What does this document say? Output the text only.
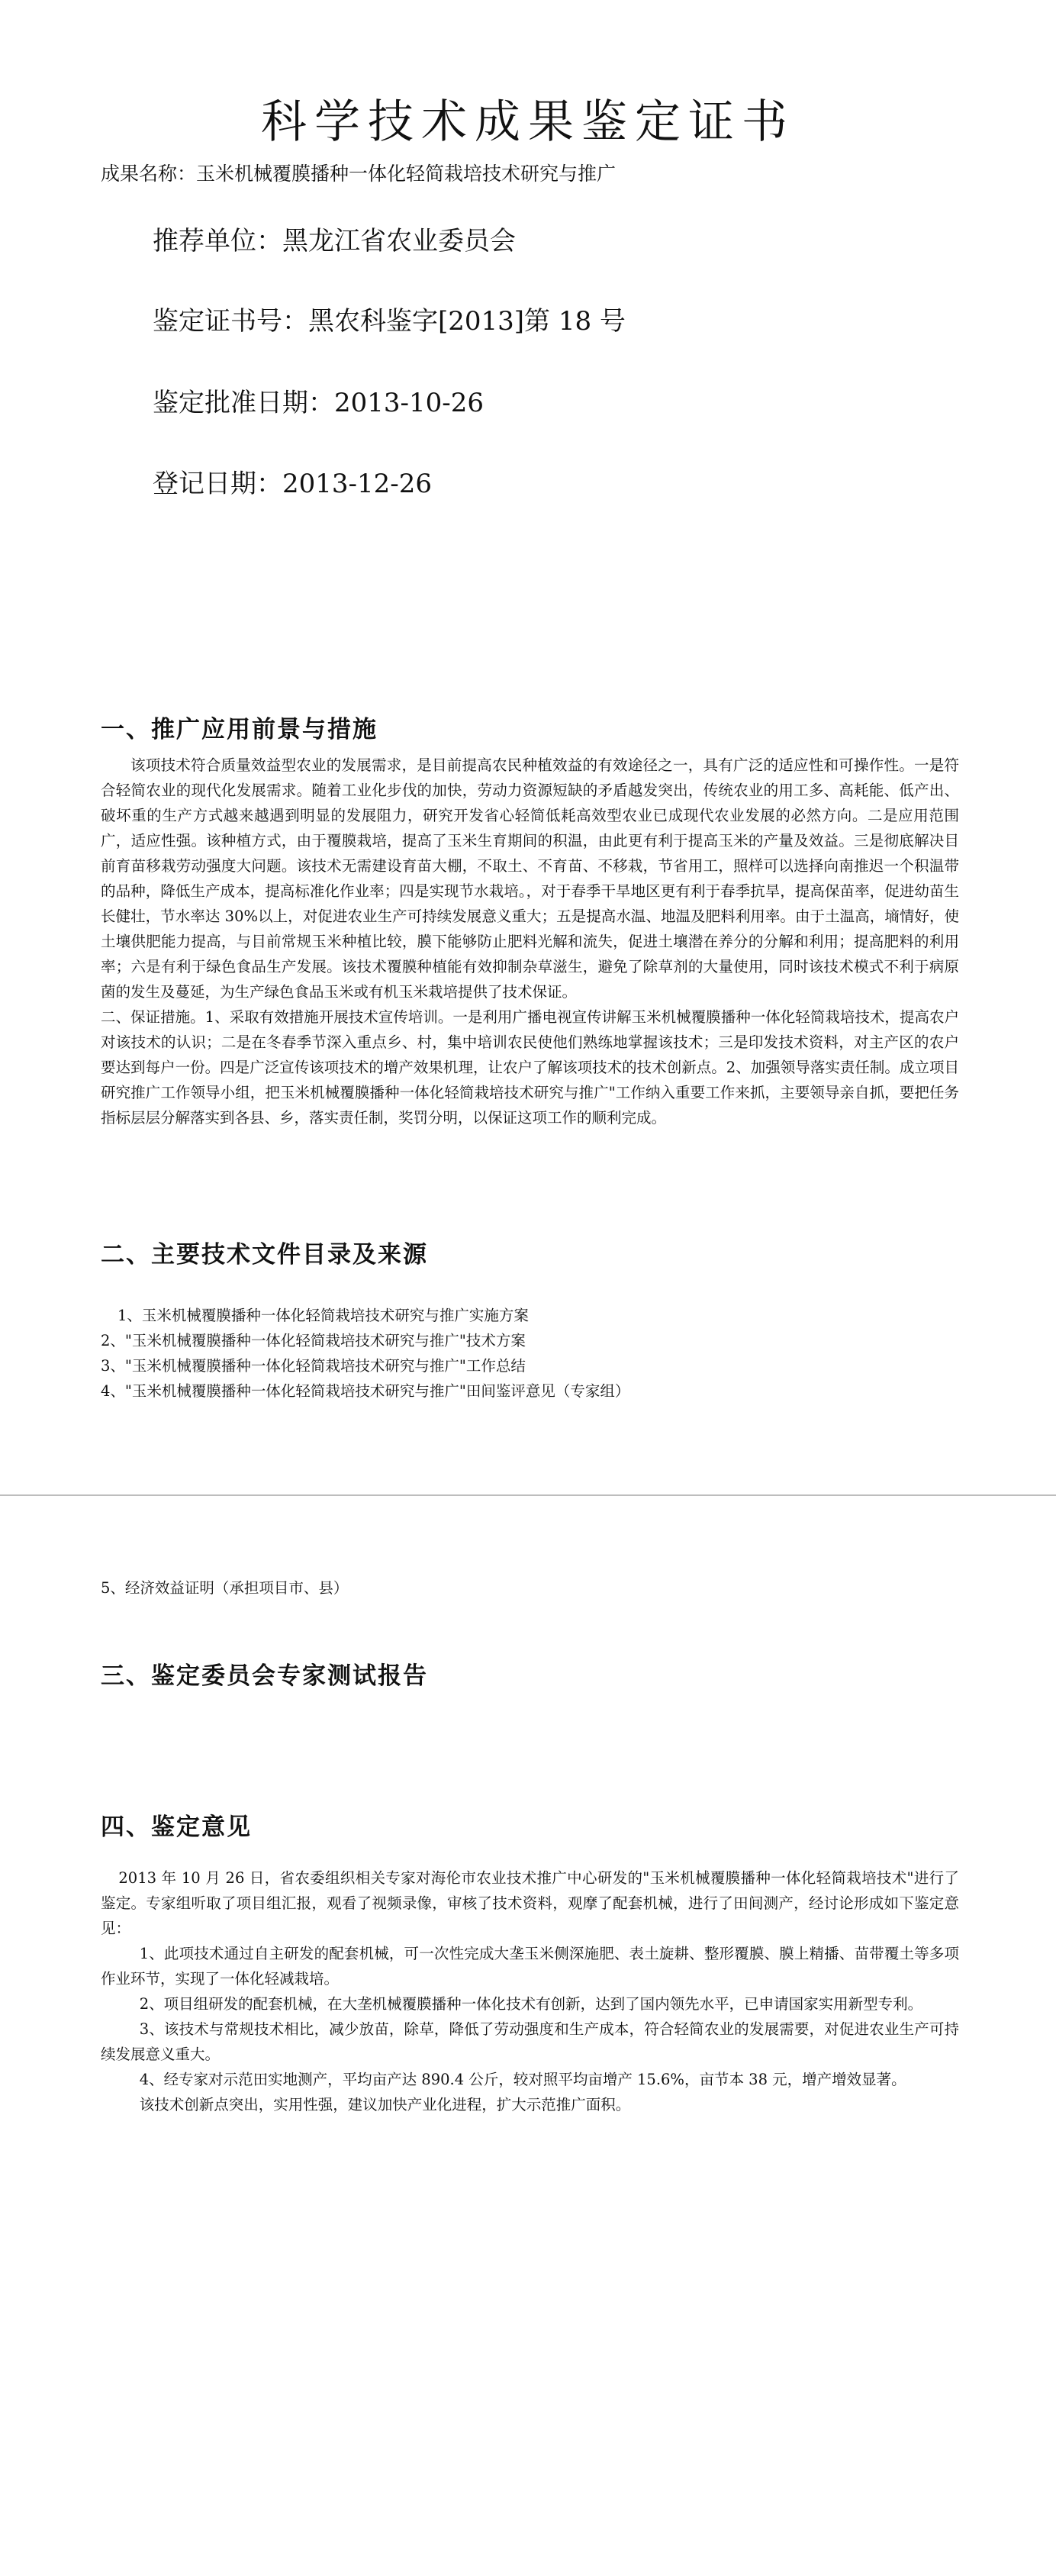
科学技术成果鉴定证书
成果名称：玉米机械覆膜播种一体化轻简栽培技术研究与推广
推荐单位：黑龙江省农业委员会
鉴定证书号：黑农科鉴字[2013]第 18 号
鉴定批准日期：2013-10-26
登记日期：2013-12-26
一、推广应用前景与措施

该项技术符合质量效益型农业的发展需求，是目前提高农民种植效益的有效途径之一，具有广泛的适应性和可操作性。一是符合轻简农业的现代化发展需求。随着工业化步伐的加快，劳动力资源短缺的矛盾越发突出，传统农业的用工多、高耗能、低产出、破坏重的生产方式越来越遇到明显的发展阻力，研究开发省心轻简低耗高效型农业已成现代农业发展的必然方向。二是应用范围广，适应性强。该种植方式，由于覆膜栽培，提高了玉米生育期间的积温，由此更有利于提高玉米的产量及效益。三是彻底解决目前育苗移栽劳动强度大问题。该技术无需建设育苗大棚，不取土、不育苗、不移栽，节省用工，照样可以选择向南推迟一个积温带的品种，降低生产成本，提高标准化作业率；四是实现节水栽培。，对于春季干旱地区更有利于春季抗旱，提高保苗率，促进幼苗生长健壮，节水率达 30%以上，对促进农业生产可持续发展意义重大；五是提高水温、地温及肥料利用率。由于土温高，墒情好，使土壤供肥能力提高，与目前常规玉米种植比较，膜下能够防止肥料光解和流失，促进土壤潜在养分的分解和利用；提高肥料的利用率；六是有利于绿色食品生产发展。该技术覆膜种植能有效抑制杂草滋生，避免了除草剂的大量使用，同时该技术模式不利于病原菌的发生及蔓延，为生产绿色食品玉米或有机玉米栽培提供了技术保证。

二、保证措施。1、采取有效措施开展技术宣传培训。一是利用广播电视宣传讲解玉米机械覆膜播种一体化轻简栽培技术，提高农户对该技术的认识；二是在冬春季节深入重点乡、村，集中培训农民使他们熟练地掌握该技术；三是印发技术资料，对主产区的农户要达到每户一份。四是广泛宣传该项技术的增产效果机理，让农户了解该项技术的技术创新点。2、加强领导落实责任制。成立项目研究推广工作领导小组，把玉米机械覆膜播种一体化轻简栽培技术研究与推广"工作纳入重要工作来抓，主要领导亲自抓，要把任务指标层层分解落实到各县、乡，落实责任制，奖罚分明，以保证这项工作的顺利完成。

二、主要技术文件目录及来源
1、玉米机械覆膜播种一体化轻简栽培技术研究与推广实施方案
2、"玉米机械覆膜播种一体化轻简栽培技术研究与推广"技术方案
3、"玉米机械覆膜播种一体化轻简栽培技术研究与推广"工作总结
4、"玉米机械覆膜播种一体化轻简栽培技术研究与推广"田间鉴评意见（专家组）
5、经济效益证明（承担项目市、县）
三、鉴定委员会专家测试报告
四、鉴定意见
2013 年 10 月 26 日，省农委组织相关专家对海伦市农业技术推广中心研发的"玉米机械覆膜播种一体化轻简栽培技术"进行了鉴定。专家组听取了项目组汇报，观看了视频录像，审核了技术资料，观摩了配套机械，进行了田间测产，经讨论形成如下鉴定意见：
1、此项技术通过自主研发的配套机械，可一次性完成大垄玉米侧深施肥、表土旋耕、整形覆膜、膜上精播、苗带覆土等多项作业环节，实现了一体化轻减栽培。
2、项目组研发的配套机械，在大垄机械覆膜播种一体化技术有创新，达到了国内领先水平，已申请国家实用新型专利。
3、该技术与常规技术相比，减少放苗，除草，降低了劳动强度和生产成本，符合轻简农业的发展需要，对促进农业生产可持续发展意义重大。
4、经专家对示范田实地测产，平均亩产达 890.4 公斤，较对照平均亩增产 15.6%，亩节本 38 元，增产增效显著。
该技术创新点突出，实用性强，建议加快产业化进程，扩大示范推广面积。
